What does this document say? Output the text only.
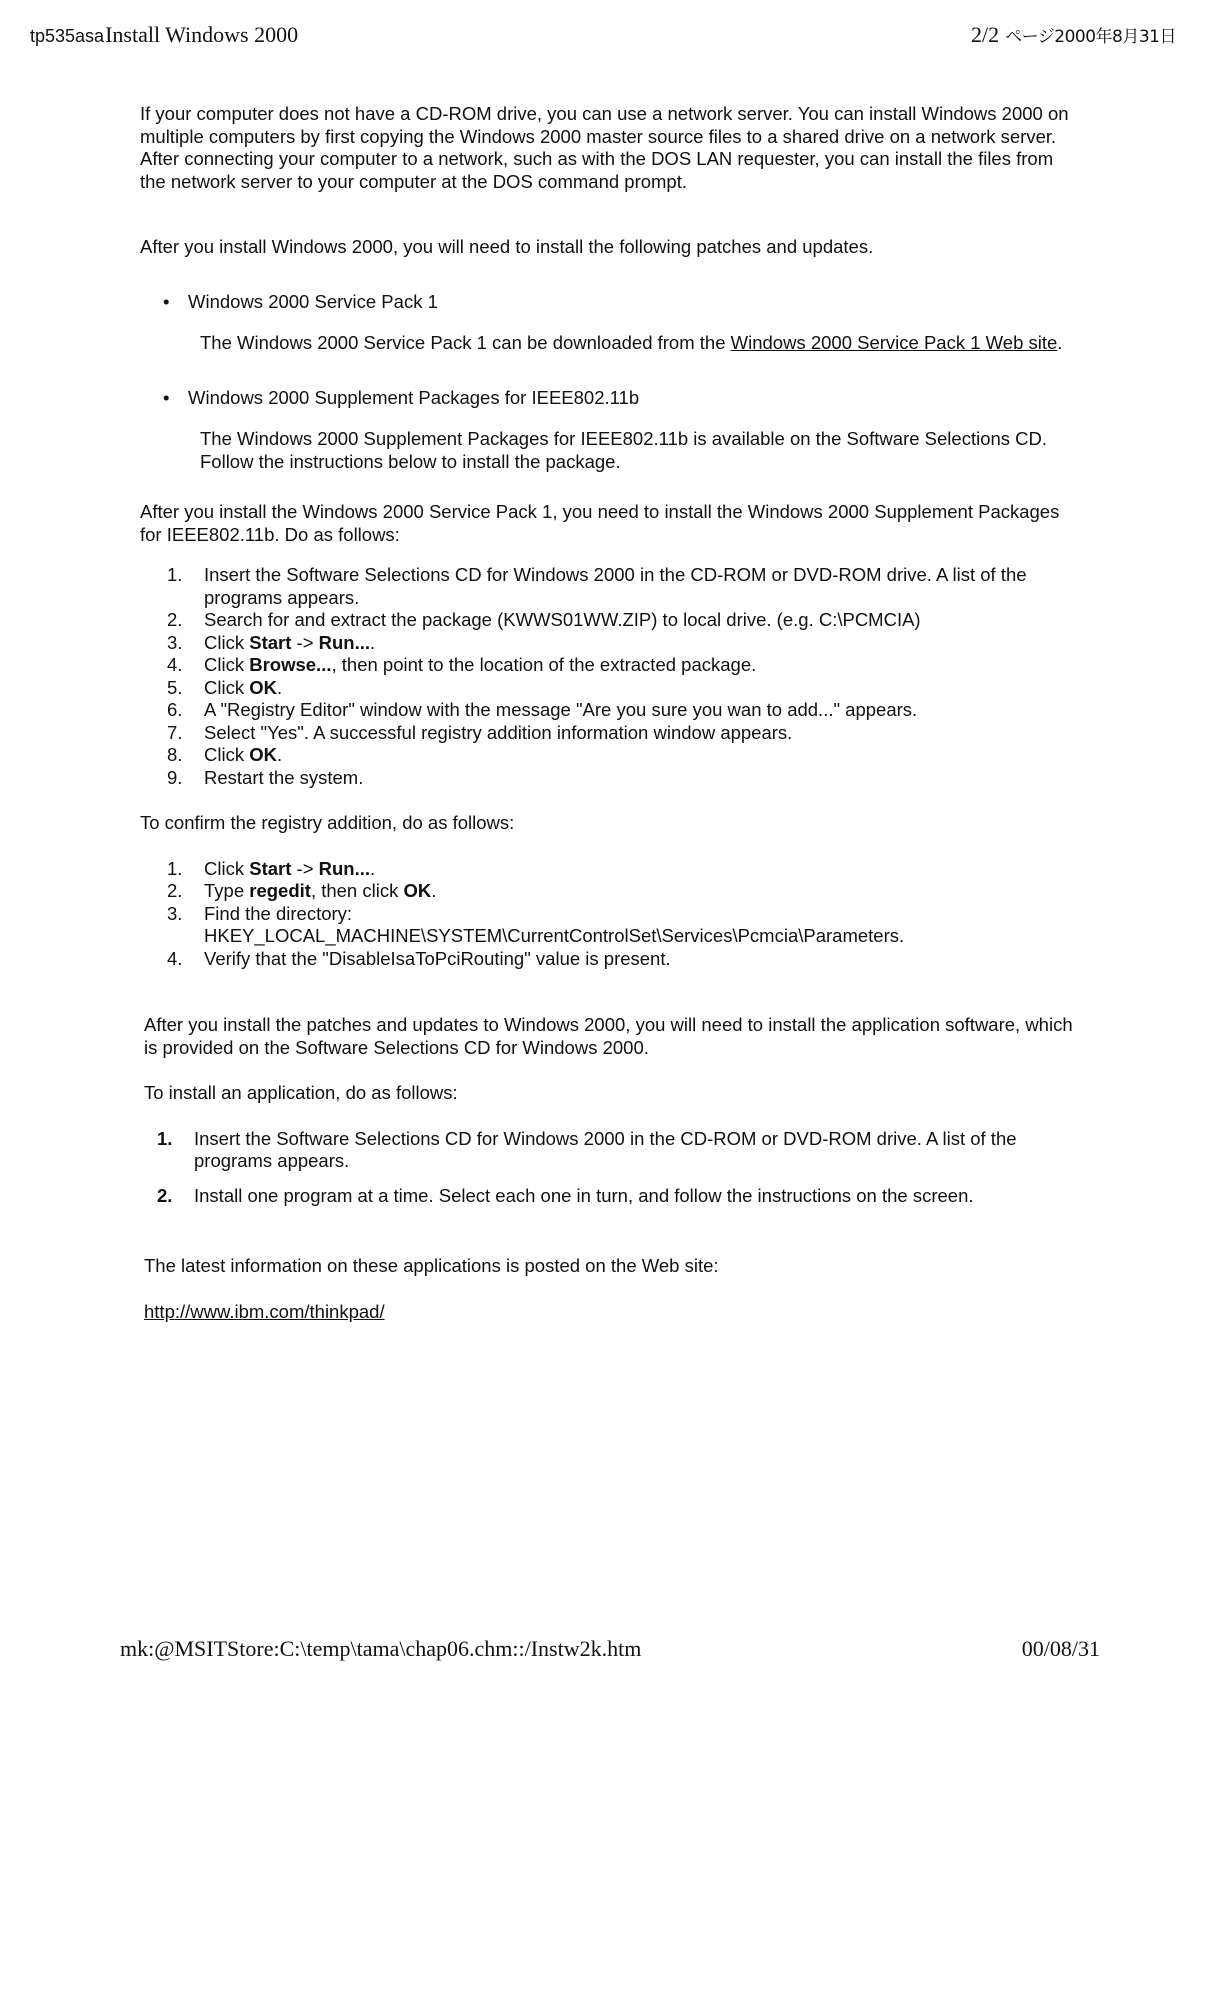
tp535asaInstall Windows 2000	2/2 ページ2000年8月31日

If your computer does not have a CD-ROM drive, you can use a network server. You can install Windows 2000 on multiple computers by first copying the Windows 2000 master source files to a shared drive on a network server. After connecting your computer to a network, such as with the DOS LAN requester, you can install the files from the network server to your computer at the DOS command prompt.

After you install Windows 2000, you will need to install the following patches and updates.

• Windows 2000 Service Pack 1
The Windows 2000 Service Pack 1 can be downloaded from the Windows 2000 Service Pack 1 Web site.
• Windows 2000 Supplement Packages for IEEE802.11b
The Windows 2000 Supplement Packages for IEEE802.11b is available on the Software Selections CD. Follow the instructions below to install the package.

After you install the Windows 2000 Service Pack 1, you need to install the Windows 2000 Supplement Packages for IEEE802.11b. Do as follows:

1.	Insert the Software Selections CD for Windows 2000 in the CD-ROM or DVD-ROM drive. A list of the programs appears.
2.	Search for and extract the package (KWWS01WW.ZIP) to local drive. (e.g. C:\PCMCIA)
3.	Click Start -> Run....
4.	Click Browse..., then point to the location of the extracted package.
5.	Click OK.
6.	A "Registry Editor" window with the message "Are you sure you wan to add..." appears.
7.	Select "Yes". A successful registry addition information window appears.
8.	Click OK.
9.	Restart the system.

To confirm the registry addition, do as follows:

1.	Click Start -> Run....
2.	Type regedit, then click OK.
3.	Find the directory:
HKEY_LOCAL_MACHINE\SYSTEM\CurrentControlSet\Services\Pcmcia\Parameters.
4.	Verify that the "DisableIsaToPciRouting" value is present.

After you install the patches and updates to Windows 2000, you will need to install the application software, which is provided on the Software Selections CD for Windows 2000.

To install an application, do as follows:

1.	Insert the Software Selections CD for Windows 2000 in the CD-ROM or DVD-ROM drive. A list of the programs appears.
2.	Install one program at a time. Select each one in turn, and follow the instructions on the screen.

The latest information on these applications is posted on the Web site:

http://www.ibm.com/thinkpad/

mk:@MSITStore:C:\temp\tama\chap06.chm::/Instw2k.htm	00/08/31
